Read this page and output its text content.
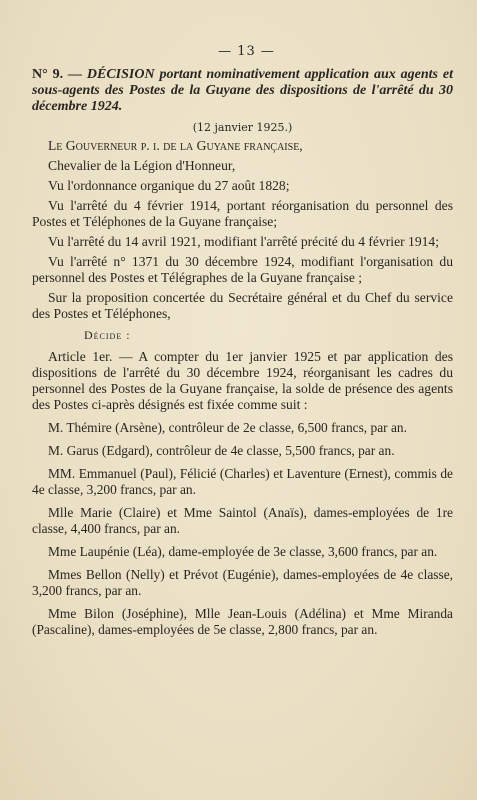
— 13 —
N° 9. — DÉCISION portant nominativement application aux agents et sous-agents des Postes de la Guyane des dispositions de l'arrêté du 30 décembre 1924.
(12 janvier 1925.)
Le Gouverneur p. i. de la Guyane française,
Chevalier de la Légion d'Honneur,
Vu l'ordonnance organique du 27 août 1828;
Vu l'arrêté du 4 février 1914, portant réorganisation du personnel des Postes et Téléphones de la Guyane française;
Vu l'arrêté du 14 avril 1921, modifiant l'arrêté précité du 4 février 1914;
Vu l'arrêté n° 1371 du 30 décembre 1924, modifiant l'organisation du personnel des Postes et Télégraphes de la Guyane française ;
Sur la proposition concertée du Secrétaire général et du Chef du service des Postes et Téléphones,
Décide :
Article 1er. — A compter du 1er janvier 1925 et par application des dispositions de l'arrêté du 30 décembre 1924, réorganisant les cadres du personnel des Postes de la Guyane française, la solde de présence des agents des Postes ci-après désignés est fixée comme suit :
M. Thémire (Arsène), contrôleur de 2e classe, 6,500 francs, par an.
M. Garus (Edgard), contrôleur de 4e classe, 5,500 francs, par an.
MM. Emmanuel (Paul), Félicié (Charles) et Laventure (Ernest), commis de 4e classe, 3,200 francs, par an.
Mlle Marie (Claire) et Mme Saintol (Anaïs), dames-employées de 1re classe, 4,400 francs, par an.
Mme Laupénie (Léa), dame-employée de 3e classe, 3,600 francs, par an.
Mmes Bellon (Nelly) et Prévot (Eugénie), dames-employées de 4e classe, 3,200 francs, par an.
Mme Bilon (Joséphine), Mlle Jean-Louis (Adélina) et Mme Miranda (Pascaline), dames-employées de 5e classe, 2,800 francs, par an.
